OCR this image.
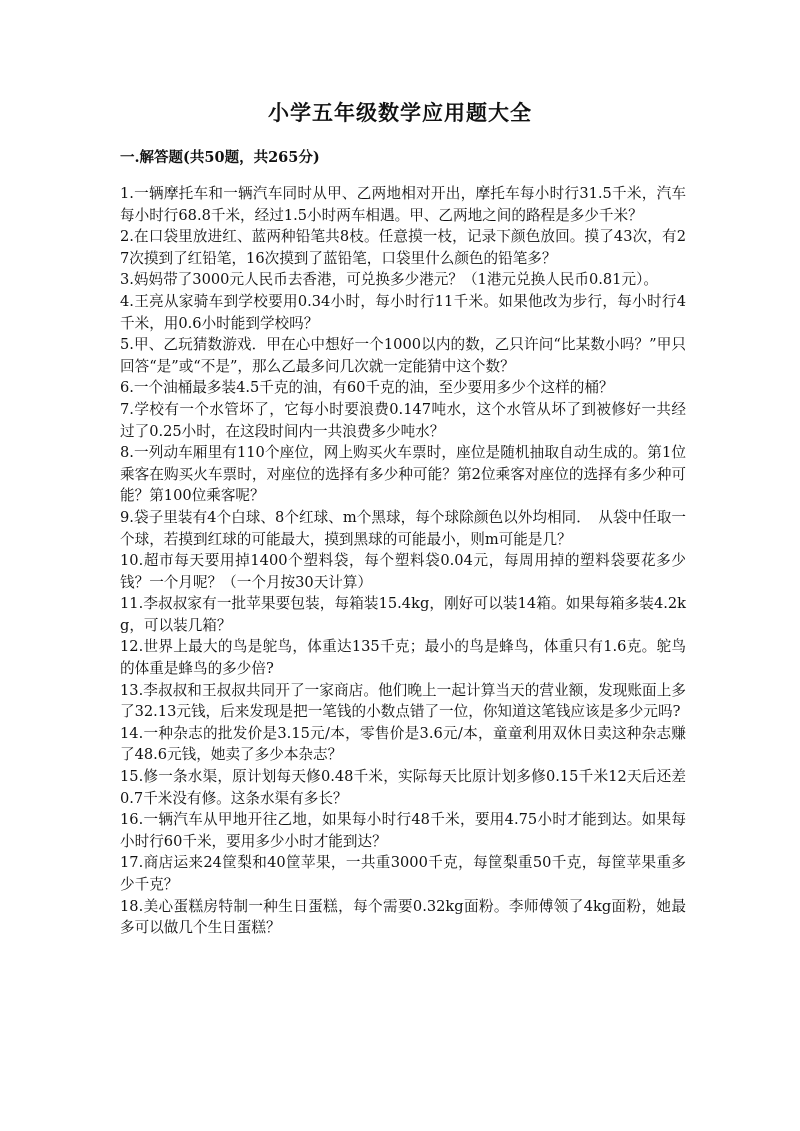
小学五年级数学应用题大全
一.解答题(共50题，共265分)
1.一辆摩托车和一辆汽车同时从甲、乙两地相对开出，摩托车每小时行31.5千米，汽车每小时行68.8千米，经过1.5小时两车相遇。甲、乙两地之间的路程是多少千米？
2.在口袋里放进红、蓝两种铅笔共8枝。任意摸一枝，记录下颜色放回。摸了43次，有27次摸到了红铅笔，16次摸到了蓝铅笔，口袋里什么颜色的铅笔多？
3.妈妈带了3000元人民币去香港，可兑换多少港元？（1港元兑换人民币0.81元）。
4.王亮从家骑车到学校要用0.34小时，每小时行11千米。如果他改为步行，每小时行4千米，用0.6小时能到学校吗？
5.甲、乙玩猜数游戏．甲在心中想好一个1000以内的数，乙只许问“比某数小吗？”甲只回答“是”或“不是”，那么乙最多问几次就一定能猜中这个数？
6.一个油桶最多装4.5千克的油，有60千克的油，至少要用多少个这样的桶？
7.学校有一个水管坏了，它每小时要浪费0.147吨水，这个水管从坏了到被修好一共经过了0.25小时，在这段时间内一共浪费多少吨水？
8.一列动车厢里有110个座位，网上购买火车票时，座位是随机抽取自动生成的。第1位乘客在购买火车票时，对座位的选择有多少种可能？第2位乘客对座位的选择有多少种可能？第100位乘客呢？
9.袋子里装有4个白球、8个红球、m个黑球，每个球除颜色以外均相同．　从袋中任取一个球，若摸到红球的可能最大，摸到黑球的可能最小，则m可能是几？
10.超市每天要用掉1400个塑料袋，每个塑料袋0.04元，每周用掉的塑料袋要花多少钱？一个月呢？（一个月按30天计算）
11.李叔叔家有一批苹果要包装，每箱装15.4kg，刚好可以装14箱。如果每箱多装4.2kg，可以装几箱？
12.世界上最大的鸟是鸵鸟，体重达135千克；最小的鸟是蜂鸟，体重只有1.6克。鸵鸟的体重是蜂鸟的多少倍?
13.李叔叔和王叔叔共同开了一家商店。他们晚上一起计算当天的营业额，发现账面上多了32.13元钱，后来发现是把一笔钱的小数点错了一位，你知道这笔钱应该是多少元吗?
14.一种杂志的批发价是3.15元/本，零售价是3.6元/本，童童利用双休日卖这种杂志赚了48.6元钱，她卖了多少本杂志？
15.修一条水渠，原计划每天修0.48千米，实际每天比原计划多修0.15千米12天后还差0.7千米没有修。这条水渠有多长？
16.一辆汽车从甲地开往乙地，如果每小时行48千米，要用4.75小时才能到达。如果每小时行60千米，要用多少小时才能到达？
17.商店运来24筐梨和40筐苹果，一共重3000千克，每筐梨重50千克，每筐苹果重多少千克？
18.美心蛋糕房特制一种生日蛋糕，每个需要0.32kg面粉。李师傅领了4kg面粉，她最多可以做几个生日蛋糕？
